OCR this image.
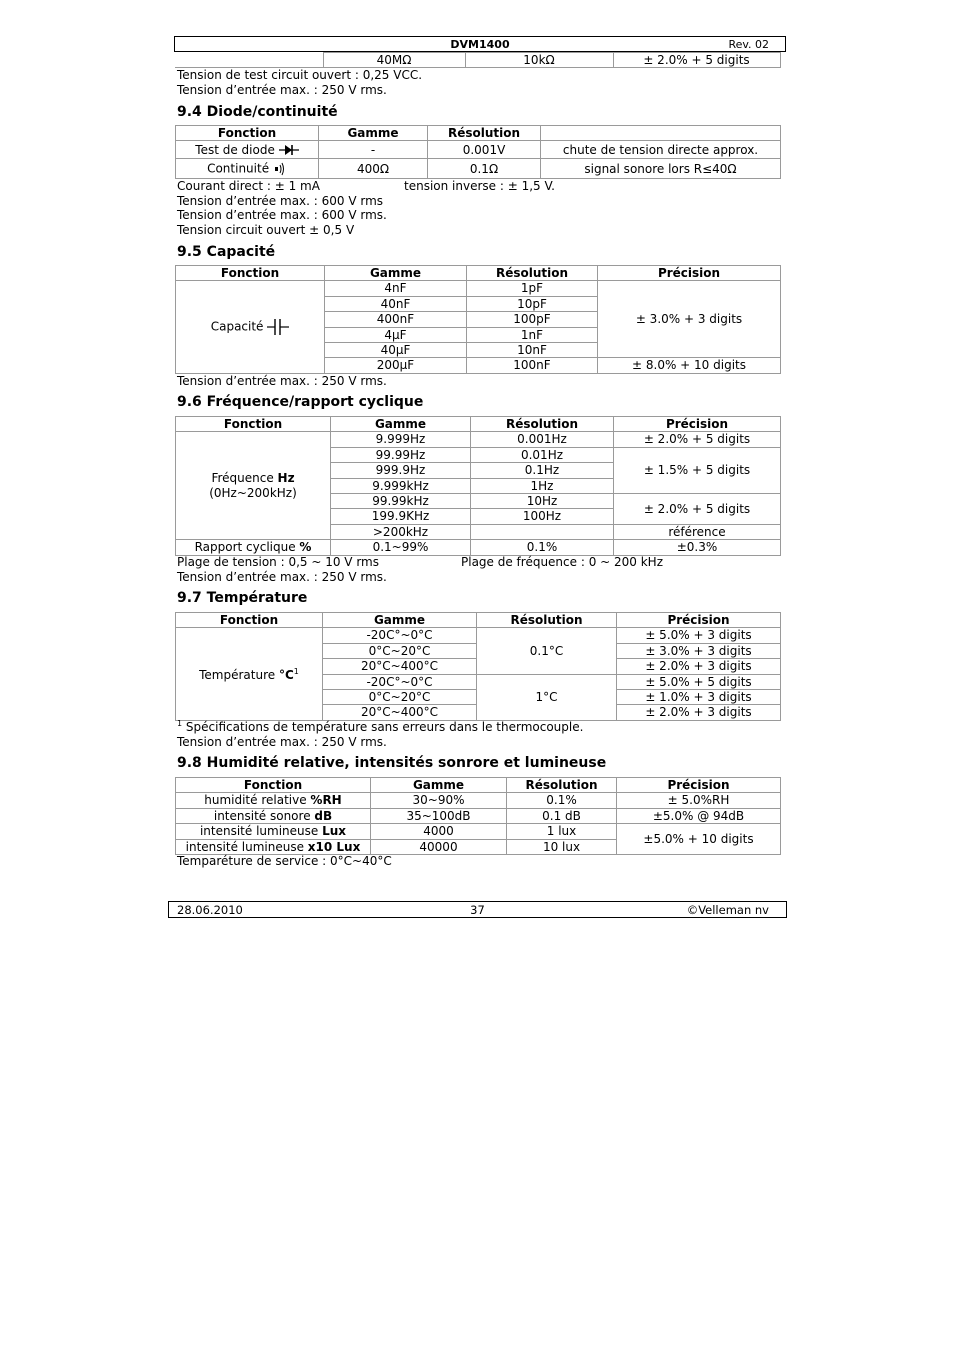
DVM1400	Rev. 02
	40MΩ	10kΩ	± 2.0% + 5 digits
Tension de test circuit ouvert : 0,25 VCC.
Tension d’entrée max. : 250 V rms.
9.4 Diode/continuité
Fonction	Gamme	Résolution	
Test de diode	-	0.001V	chute de tension directe approx.
Continuité	400Ω	0.1Ω	signal sonore lors R≤40Ω
Courant direct : ± 1 mA	tension inverse : ± 1,5 V.
Tension d’entrée max. : 600 V rms
Tension d’entrée max. : 600 V rms.
Tension circuit ouvert ± 0,5 V
9.5 Capacité
Fonction	Gamme	Résolution	Précision
Capacité	4nF	1pF	± 3.0% + 3 digits
	40nF	10pF	
	400nF	100pF	
	4µF	1nF	
	40µF	10nF	
	200µF	100nF	± 8.0% + 10 digits
Tension d’entrée max. : 250 V rms.
9.6 Fréquence/rapport cyclique
Fonction	Gamme	Résolution	Précision

Fréquence Hz
(0Hz~200kHz)	9.999Hz	0.001Hz	± 2.0% + 5 digits
	99.99Hz	0.01Hz	± 1.5% + 5 digits
	999.9Hz	0.1Hz	
	9.999kHz	1Hz	
	99.99kHz	10Hz	± 2.0% + 5 digits
	199.9KHz	100Hz	
	>200kHz		référence
Rapport cyclique %	0.1~99%	0.1%	±0.3%
Plage de tension : 0,5 ~ 10 V rms	Plage de fréquence : 0 ~ 200 kHz
Tension d’entrée max. : 250 V rms.
9.7 Température
Fonction	Gamme	Résolution	Précision
Température $^\circ C^1$	-20C°~0°C	0.1°C	± 5.0% + 3 digits
	0°C~20°C		± 3.0% + 3 digits
	20°C~400°C		± 2.0% + 3 digits
	-20C°~0°C	1°C	± 5.0% + 5 digits
	0°C~20°C		± 1.0% + 3 digits
	20°C~400°C		± 2.0% + 3 digits
$^1$ Spécifications de température sans erreurs dans le thermocouple.
Tension d’entrée max. : 250 V rms.
9.8 Humidité relative, intensités sonrore et lumineuse
Fonction	Gamme	Résolution	Précision
humidité relative %RH	30~90%	0.1%	± 5.0%RH
intensité sonore dB	35~100dB	0.1 dB	±5.0% @ 94dB
intensité lumineuse Lux	4000	1 lux	±5.0% + 10 digits
intensité lumineuse x10 Lux	40000	10 lux	
Temparéture de service : 0°C~40°C
28.06.2010	37	©Velleman nv
